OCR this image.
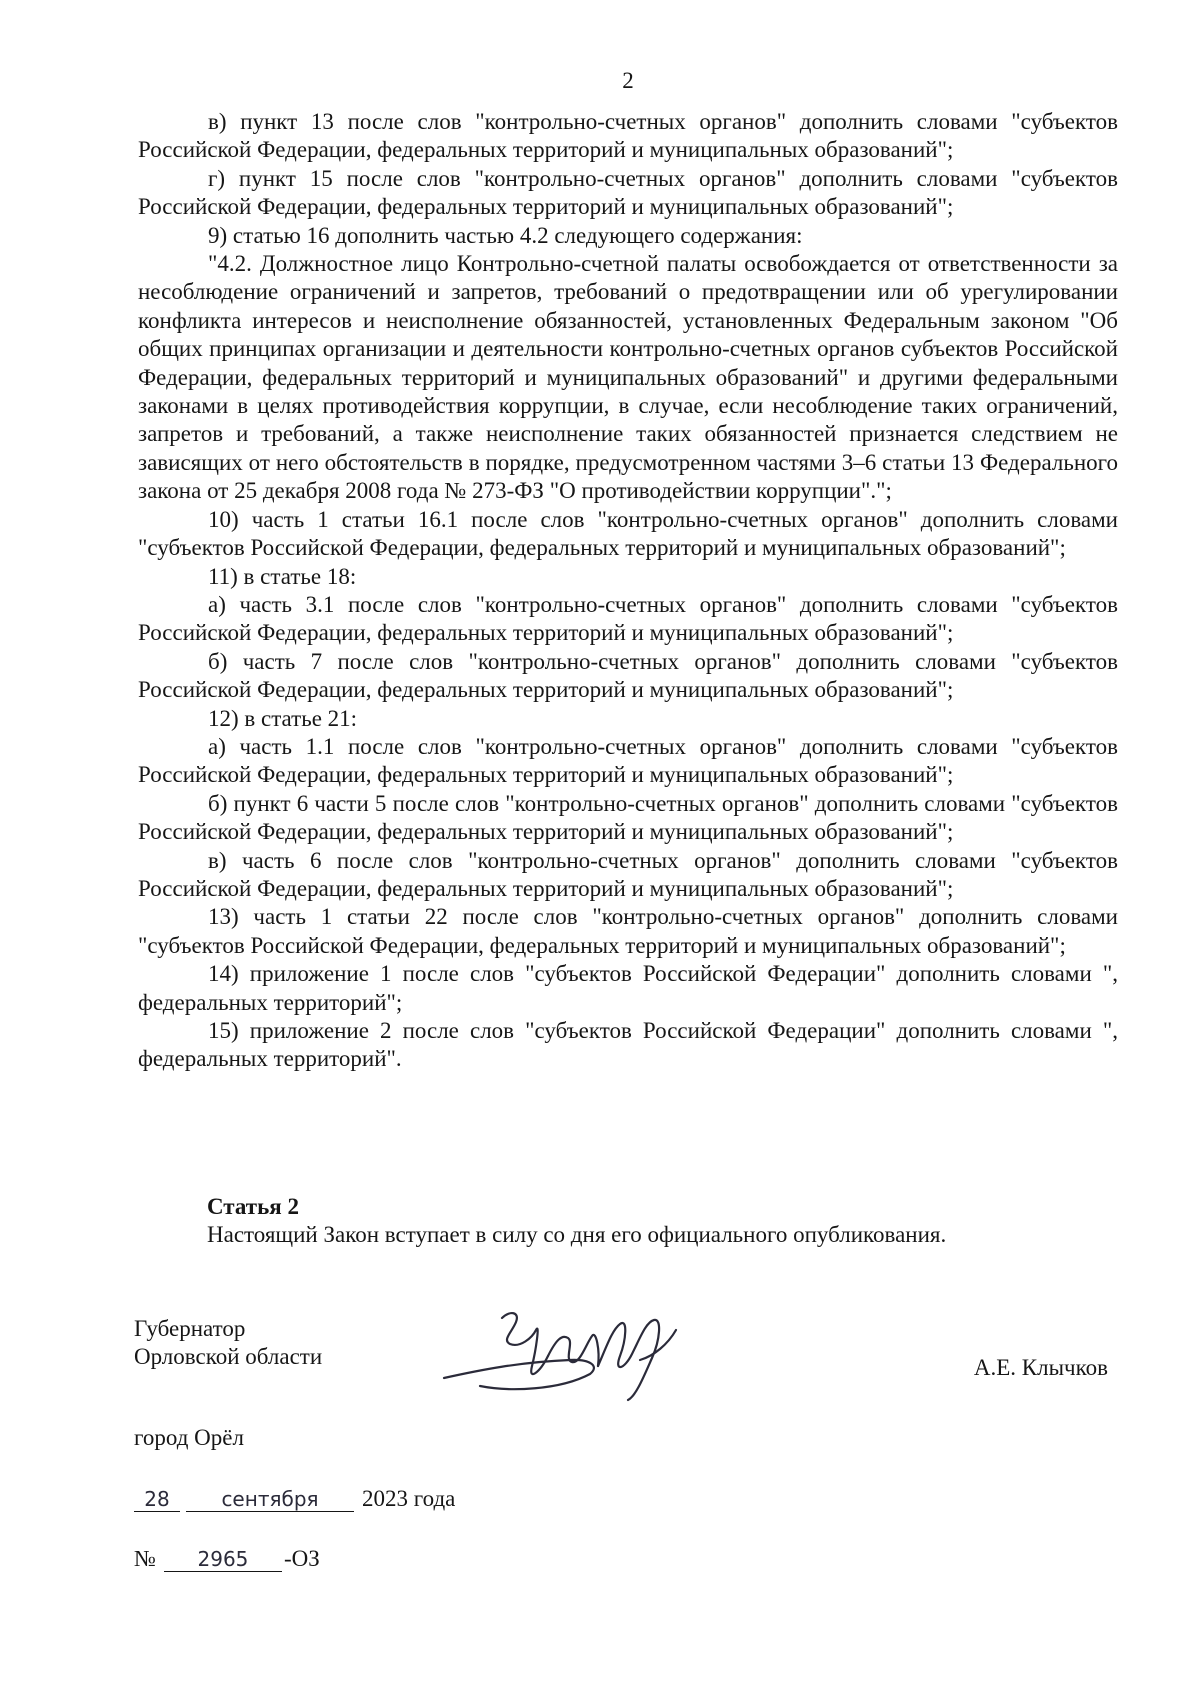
2

в) пункт 13 после слов "контрольно-счетных органов" дополнить словами "субъектов Российской Федерации, федеральных территорий и муниципальных образований";

г) пункт 15 после слов "контрольно-счетных органов" дополнить словами "субъектов Российской Федерации, федеральных территорий и муниципальных образований";

9) статью 16 дополнить частью 4.2 следующего содержания:

"4.2. Должностное лицо Контрольно-счетной палаты освобождается от ответственности за несоблюдение ограничений и запретов, требований о предотвращении или об урегулировании конфликта интересов и неисполнение обязанностей, установленных Федеральным законом "Об общих принципах организации и деятельности контрольно-счетных органов субъектов Российской Федерации, федеральных территорий и муниципальных образований" и другими федеральными законами в целях противодействия коррупции, в случае, если несоблюдение таких ограничений, запретов и требований, а также неисполнение таких обязанностей признается следствием не зависящих от него обстоятельств в порядке, предусмотренном частями 3–6 статьи 13 Федерального закона от 25 декабря 2008 года № 273-ФЗ "О противодействии коррупции".";

10) часть 1 статьи 16.1 после слов "контрольно-счетных органов" дополнить словами "субъектов Российской Федерации, федеральных территорий и муниципальных образований";

11) в статье 18:

а) часть 3.1 после слов "контрольно-счетных органов" дополнить словами "субъектов Российской Федерации, федеральных территорий и муниципальных образований";

б) часть 7 после слов "контрольно-счетных органов" дополнить словами "субъектов Российской Федерации, федеральных территорий и муниципальных образований";

12) в статье 21:

а) часть 1.1 после слов "контрольно-счетных органов" дополнить словами "субъектов Российской Федерации, федеральных территорий и муниципальных образований";

б) пункт 6 части 5 после слов "контрольно-счетных органов" дополнить словами "субъектов Российской Федерации, федеральных территорий и муниципальных образований";

в) часть 6 после слов "контрольно-счетных органов" дополнить словами "субъектов Российской Федерации, федеральных территорий и муниципальных образований";

13) часть 1 статьи 22 после слов "контрольно-счетных органов" дополнить словами "субъектов Российской Федерации, федеральных территорий и муниципальных образований";

14) приложение 1 после слов "субъектов Российской Федерации" дополнить словами ", федеральных территорий";

15) приложение 2 после слов "субъектов Российской Федерации" дополнить словами ", федеральных территорий".

Статья 2
Настоящий Закон вступает в силу со дня его официального опубликования.
Губернатор
Орловской области	А.Е. Клычков
город Орёл
28	сентября	2023 года
№	2965	-ОЗ
